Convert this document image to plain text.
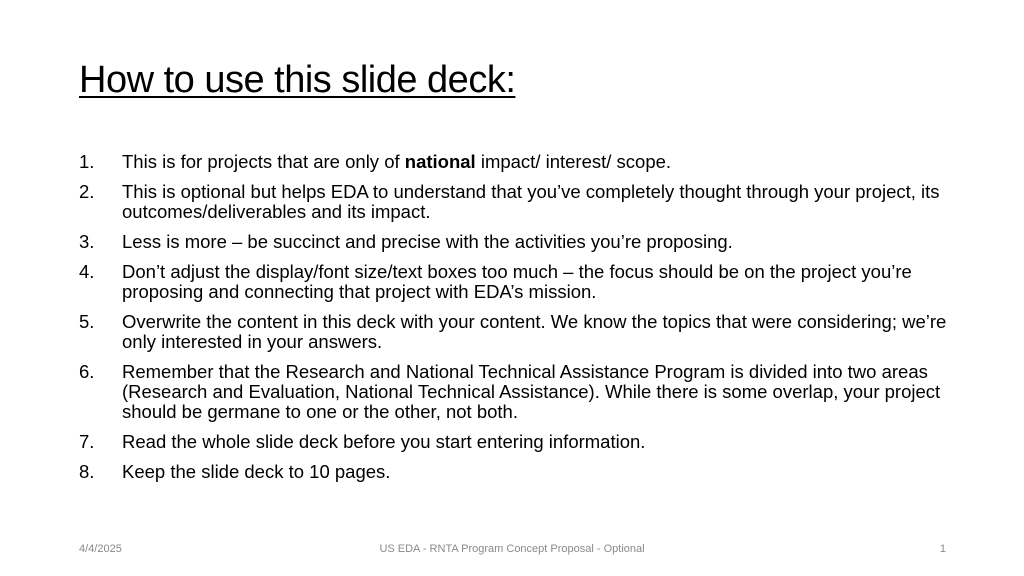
How to use this slide deck:
1. This is for projects that are only of national impact/ interest/ scope.
2. This is optional but helps EDA to understand that you’ve completely thought through your project, its outcomes/deliverables and its impact.
3. Less is more – be succinct and precise with the activities you’re proposing.
4. Don’t adjust the display/font size/text boxes too much – the focus should be on the project you’re proposing and connecting that project with EDA’s mission.
5. Overwrite the content in this deck with your content. We know the topics that were considering; we’re only interested in your answers.
6. Remember that the Research and National Technical Assistance Program is divided into two areas (Research and Evaluation, National Technical Assistance). While there is some overlap, your project should be germane to one or the other, not both.
7. Read the whole slide deck before you start entering information.
8. Keep the slide deck to 10 pages.
4/4/2025	US EDA - RNTA Program Concept Proposal - Optional	1
